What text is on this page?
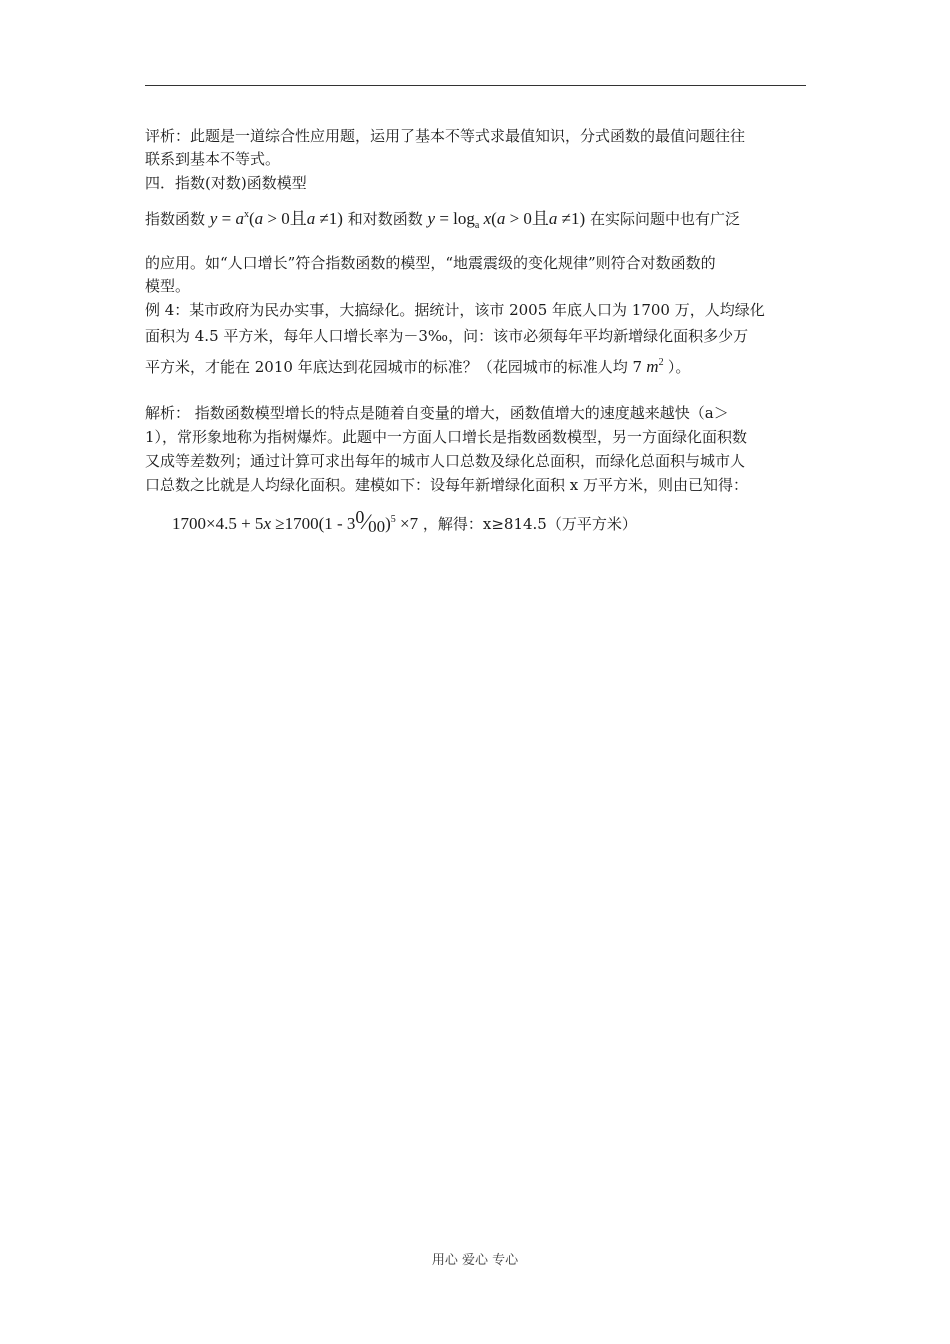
评析：此题是一道综合性应用题，运用了基本不等式求最值知识，分式函数的最值问题往往
联系到基本不等式。
四．指数(对数)函数模型
指数函数 $y = a^x(a > 0$且a ≠1) 和对数函数 $y = \log_a x(a > 0$且a ≠1) 在实际问题中也有广泛
的应用。如“人口增长”符合指数函数的模型，“地震震级的变化规律”则符合对数函数的
模型。
例 4：某市政府为民办实事，大搞绿化。据统计，该市 2005 年底人口为 1700 万，人均绿化
面积为 4.5 平方米，每年人口增长率为－3‰，问：该市必须每年平均新增绿化面积多少万
平方米，才能在 2010 年底达到花园城市的标准？（花园城市的标准人均 7 $m^2$ ）。
解析： 指数函数模型增长的特点是随着自变量的增大，函数值增大的速度越来越快（a＞
1），常形象地称为指树爆炸。此题中一方面人口增长是指数函数模型，另一方面绿化面积数
又成等差数列；通过计算可求出每年的城市人口总数及绿化总面积，而绿化总面积与城市人
口总数之比就是人均绿化面积。建模如下：设每年新增绿化面积 x 万平方米，则由已知得：
1700×4.5 + 5x ≥1700(1 - 30⁄00)$^5$ ×7 ，解得：x≥814.5（万平方米）
用心 爱心 专心
